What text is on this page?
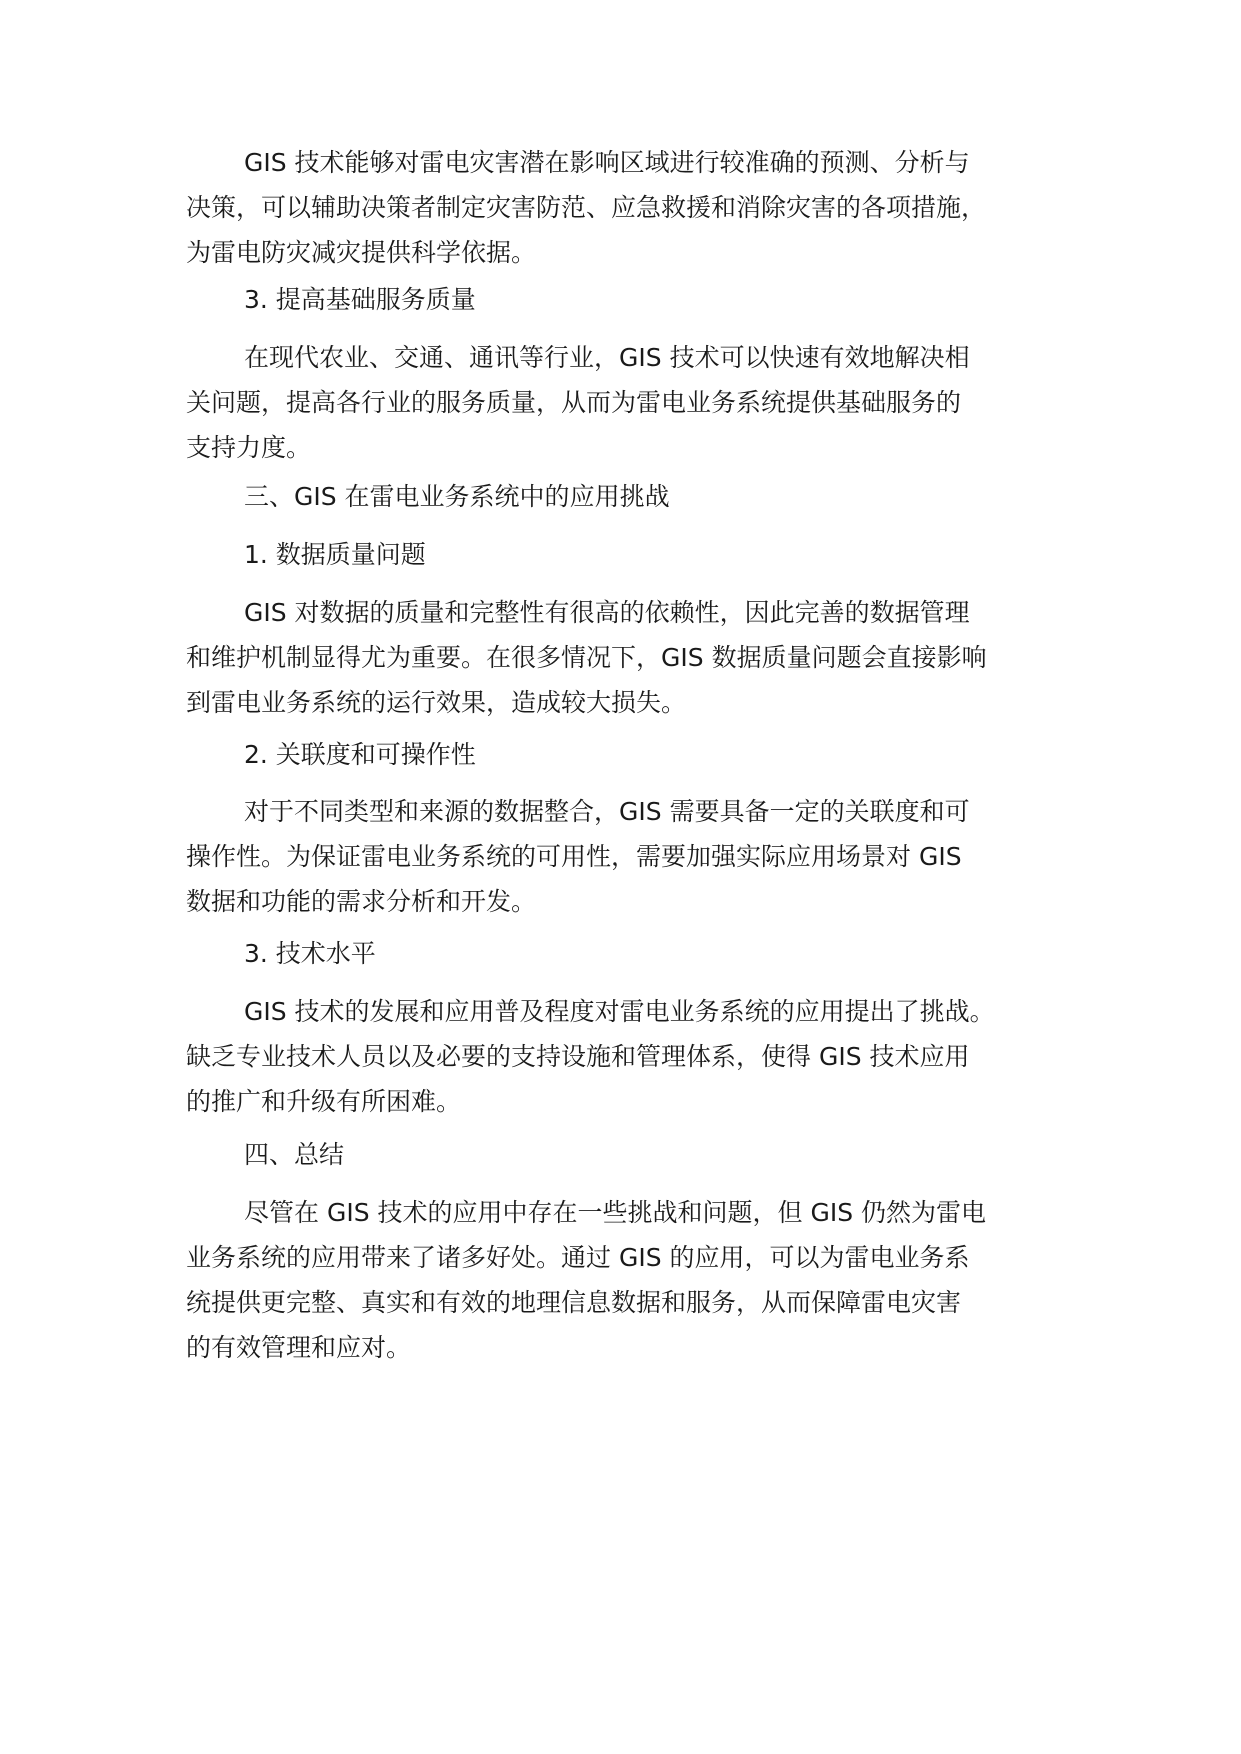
GIS 技术能够对雷电灾害潜在影响区域进行较准确的预测、分析与
决策，可以辅助决策者制定灾害防范、应急救援和消除灾害的各项措施，
为雷电防灾减灾提供科学依据。

3. 提高基础服务质量

在现代农业、交通、通讯等行业，GIS 技术可以快速有效地解决相
关问题，提高各行业的服务质量，从而为雷电业务系统提供基础服务的
支持力度。

三、GIS 在雷电业务系统中的应用挑战

1. 数据质量问题

GIS 对数据的质量和完整性有很高的依赖性，因此完善的数据管理
和维护机制显得尤为重要。在很多情况下，GIS 数据质量问题会直接影响
到雷电业务系统的运行效果，造成较大损失。

2. 关联度和可操作性

对于不同类型和来源的数据整合，GIS 需要具备一定的关联度和可
操作性。为保证雷电业务系统的可用性，需要加强实际应用场景对 GIS
数据和功能的需求分析和开发。

3. 技术水平

GIS 技术的发展和应用普及程度对雷电业务系统的应用提出了挑战。
缺乏专业技术人员以及必要的支持设施和管理体系，使得 GIS 技术应用
的推广和升级有所困难。

四、总结

尽管在 GIS 技术的应用中存在一些挑战和问题，但 GIS 仍然为雷电
业务系统的应用带来了诸多好处。通过 GIS 的应用，可以为雷电业务系
统提供更完整、真实和有效的地理信息数据和服务，从而保障雷电灾害
的有效管理和应对。
